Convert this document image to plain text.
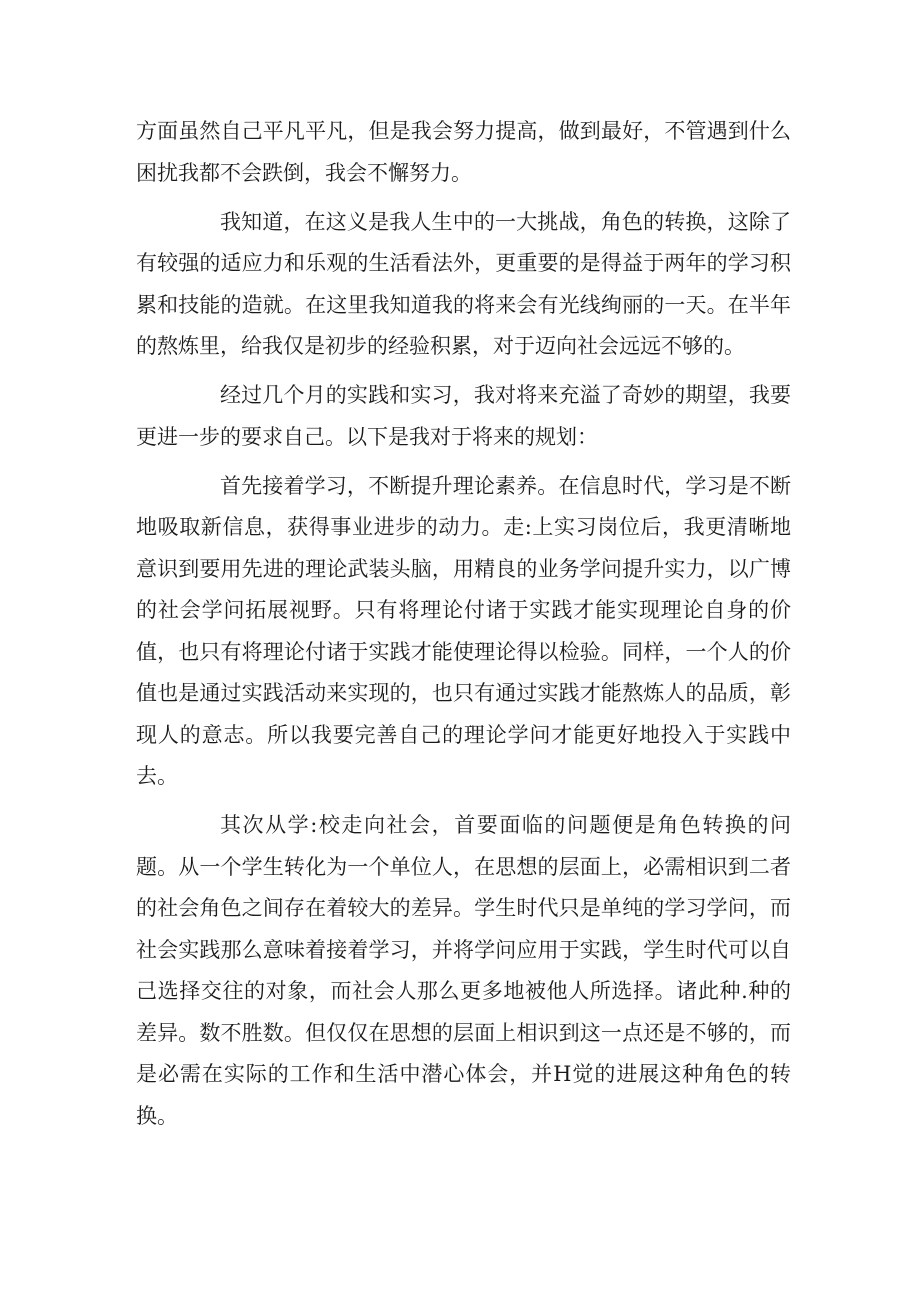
方面虽然自己平凡平凡，但是我会努力提高，做到最好，不管遇到什么困扰我都不会跌倒，我会不懈努力。

我知道，在这义是我人生中的一大挑战，角色的转换，这除了有较强的适应力和乐观的生活看法外，更重要的是得益于两年的学习积累和技能的造就。在这里我知道我的将来会有光线绚丽的一天。在半年的熬炼里，给我仅是初步的经验积累，对于迈向社会远远不够的。

经过几个月的实践和实习，我对将来充溢了奇妙的期望，我要更进一步的要求自己。以下是我对于将来的规划：

首先接着学习，不断提升理论素养。在信息时代，学习是不断地吸取新信息，获得事业进步的动力。走:上实习岗位后，我更清晰地意识到要用先进的理论武装头脑，用精良的业务学问提升实力，以广博的社会学问拓展视野。只有将理论付诸于实践才能实现理论自身的价值，也只有将理论付诸于实践才能使理论得以检验。同样，一个人的价值也是通过实践活动来实现的，也只有通过实践才能熬炼人的品质，彰现人的意志。所以我要完善自己的理论学问才能更好地投入于实践中去。

其次从学:校走向社会，首要面临的问题便是角色转换的问题。从一个学生转化为一个单位人，在思想的层面上，必需相识到二者的社会角色之间存在着较大的差异。学生时代只是单纯的学习学问，而社会实践那么意味着接着学习，并将学问应用于实践，学生时代可以自己选择交往的对象，而社会人那么更多地被他人所选择。诸此种.种的差异。数不胜数。但仅仅在思想的层面上相识到这一点还是不够的，而是必需在实际的工作和生活中潜心体会，并H觉的进展这种角色的转换。
